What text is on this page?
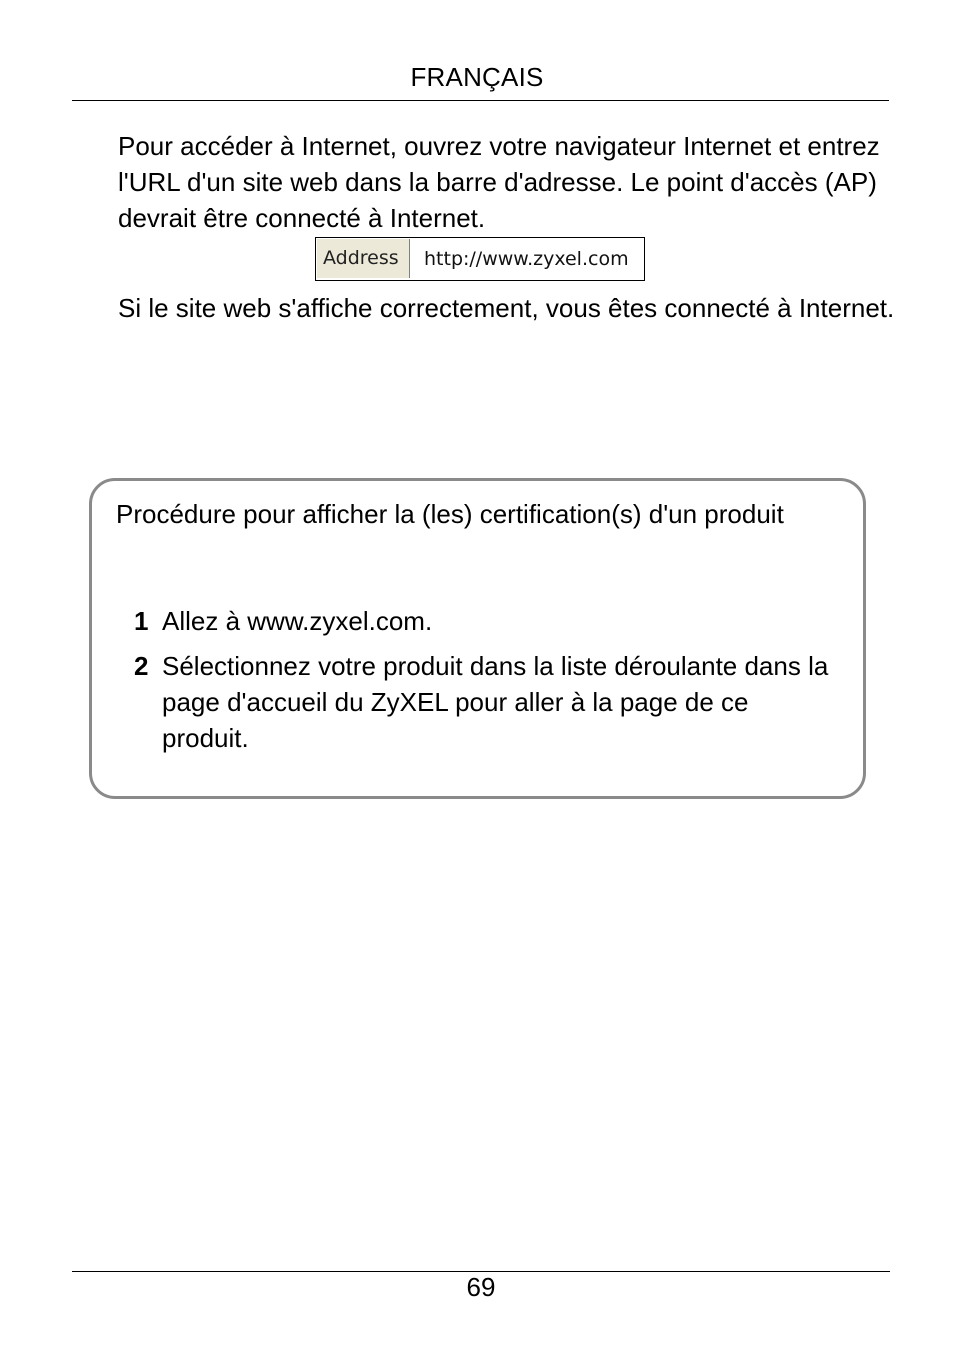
FRANÇAIS
Pour accéder à Internet, ouvrez votre navigateur Internet et entrez l'URL d'un site web dans la barre d'adresse. Le point d'accès (AP) devrait être connecté à Internet.
Address	http://www.zyxel.com
Si le site web s'affiche correctement, vous êtes connecté à Internet.
Procédure pour afficher la (les) certification(s) d'un produit
1 Allez à www.zyxel.com.
2 Sélectionnez votre produit dans la liste déroulante dans la page d'accueil du ZyXEL pour aller à la page de ce produit.
69
